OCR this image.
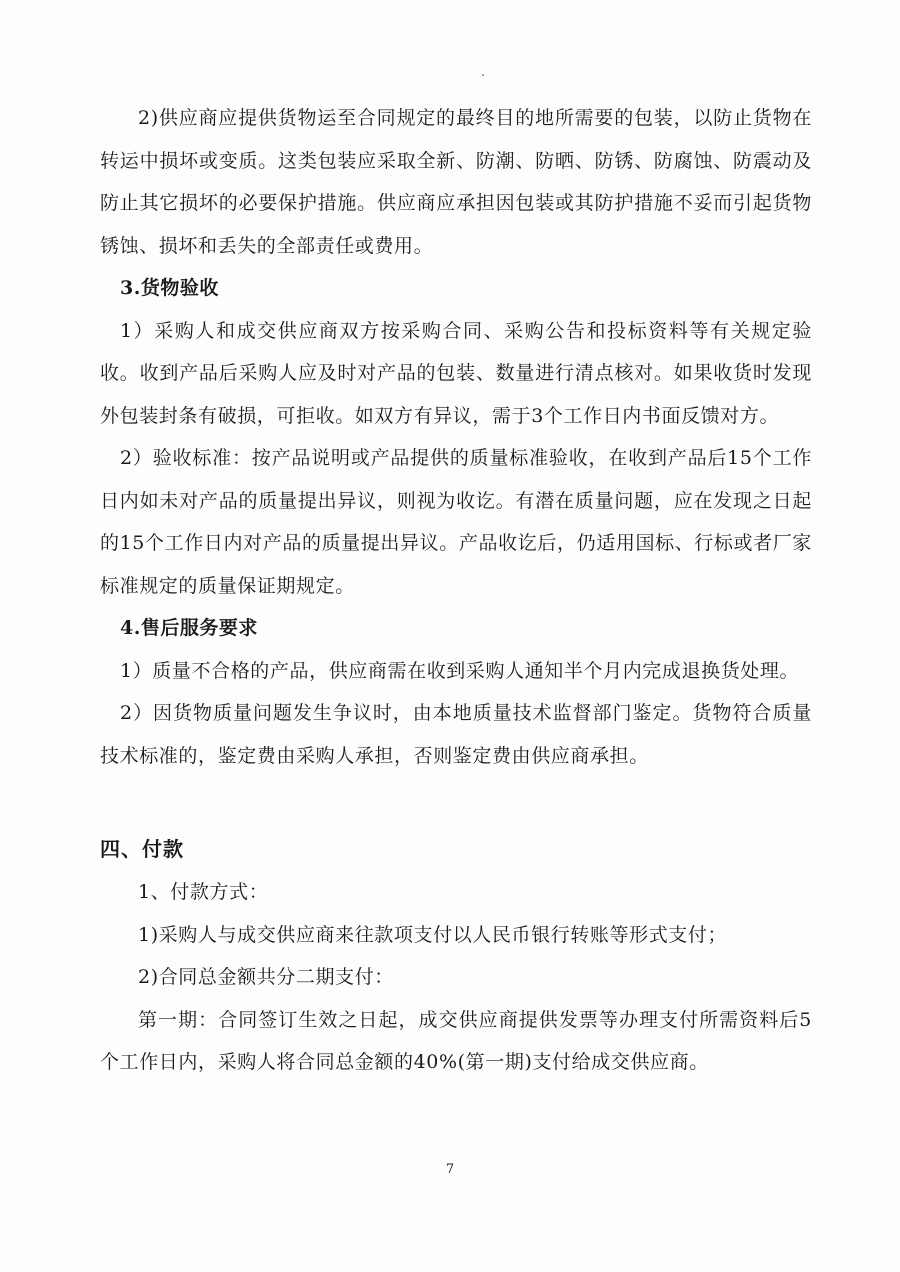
2)供应商应提供货物运至合同规定的最终目的地所需要的包装，以防止货物在转运中损坏或变质。这类包装应采取全新、防潮、防晒、防锈、防腐蚀、防震动及防止其它损坏的必要保护措施。供应商应承担因包装或其防护措施不妥而引起货物锈蚀、损坏和丢失的全部责任或费用。

3.货物验收

1）采购人和成交供应商双方按采购合同、采购公告和投标资料等有关规定验收。收到产品后采购人应及时对产品的包装、数量进行清点核对。如果收货时发现外包装封条有破损，可拒收。如双方有异议，需于3个工作日内书面反馈对方。

2）验收标准：按产品说明或产品提供的质量标准验收，在收到产品后15个工作日内如未对产品的质量提出异议，则视为收讫。有潜在质量问题，应在发现之日起的15个工作日内对产品的质量提出异议。产品收讫后，仍适用国标、行标或者厂家标准规定的质量保证期规定。

4.售后服务要求

1）质量不合格的产品，供应商需在收到采购人通知半个月内完成退换货处理。

2）因货物质量问题发生争议时，由本地质量技术监督部门鉴定。货物符合质量技术标准的，鉴定费由采购人承担，否则鉴定费由供应商承担。

四、付款

1、付款方式：

1)采购人与成交供应商来往款项支付以人民币银行转账等形式支付；

2)合同总金额共分二期支付：

第一期：合同签订生效之日起，成交供应商提供发票等办理支付所需资料后5个工作日内，采购人将合同总金额的40%(第一期)支付给成交供应商。

7
